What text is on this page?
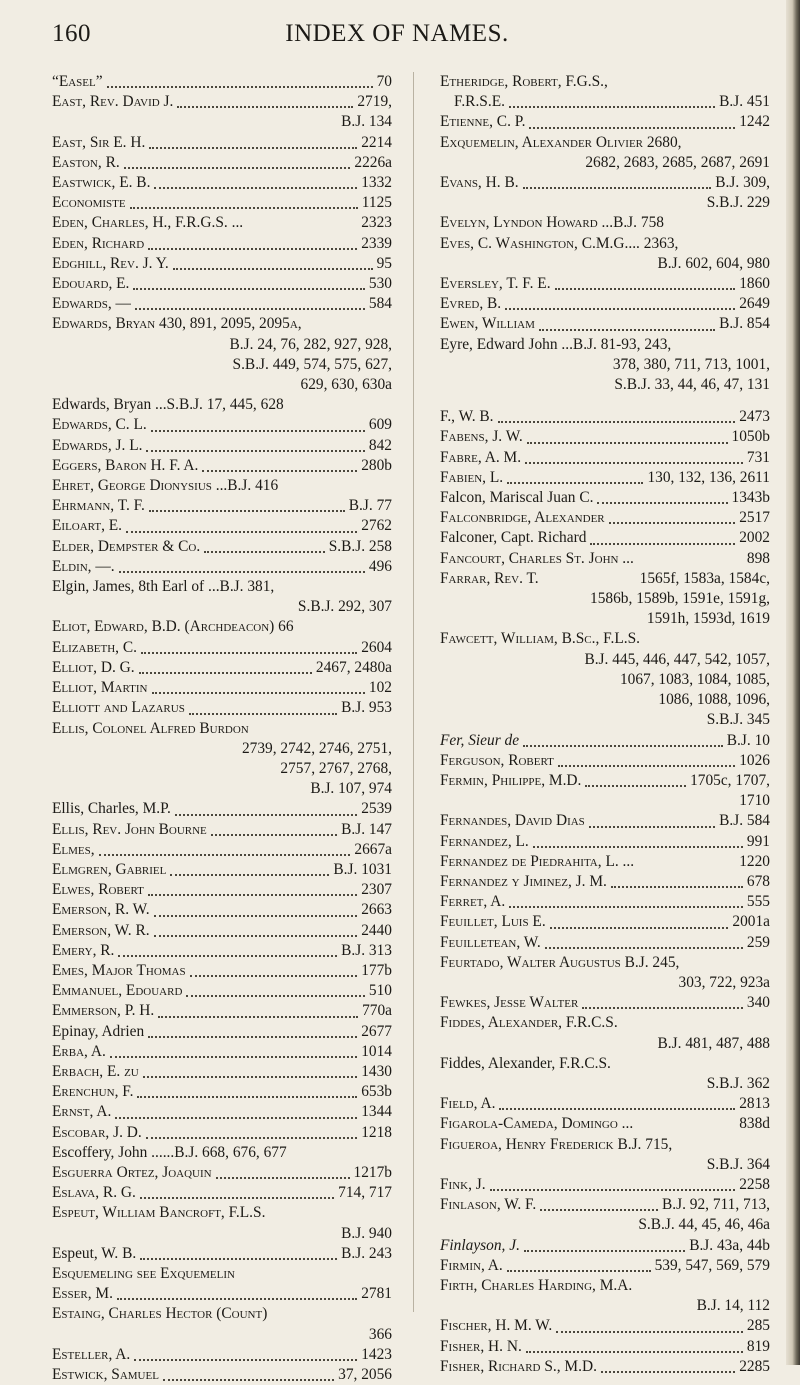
160	INDEX OF NAMES.
“Easel”	70
East, Rev. David J.	2719,
B.J. 134
East, Sir E. H.	2214
Easton, R.	2226a
Eastwick, E. B.	1332
Economiste	1125
Eden, Charles, H., F.R.G.S. ...	2323
Eden, Richard	2339
Edghill, Rev. J. Y.	95
Edouard, E.	530
Edwards, —	584
Edwards, Bryan 430, 891, 2095, 2095a,
B.J. 24, 76, 282, 927, 928,
S.B.J. 449, 574, 575, 627,
629, 630, 630a
Edwards, Bryan ...S.B.J. 17, 445, 628
Edwards, C. L.	609
Edwards, J. L.	842
Eggers, Baron H. F. A.	280b
Ehret, George Dionysius ...B.J. 416
Ehrmann, T. F.	B.J. 77
Eiloart, E.	2762
Elder, Dempster & Co.	S.B.J. 258
Eldin, —.	496
Elgin, James, 8th Earl of ...B.J. 381,
S.B.J. 292, 307
Eliot, Edward, B.D. (Archdeacon) 66
Elizabeth, C.	2604
Elliot, D. G.	2467, 2480a
Elliot, Martin	102
Elliott and Lazarus	B.J. 953
Ellis, Colonel Alfred Burdon
2739, 2742, 2746, 2751,
2757, 2767, 2768,
B.J. 107, 974
Ellis, Charles, M.P.	2539
Ellis, Rev. John Bourne	B.J. 147
Elmes,	2667a
Elmgren, Gabriel	B.J. 1031
Elwes, Robert	2307
Emerson, R. W.	2663
Emerson, W. R.	2440
Emery, R.	B.J. 313
Emes, Major Thomas	177b
Emmanuel, Edouard	510
Emmerson, P. H.	770a
Epinay, Adrien	2677
Erba, A.	1014
Erbach, E. zu	1430
Erenchun, F.	653b
Ernst, A.	1344
Escobar, J. D.	1218
Escoffery, John ......B.J. 668, 676, 677
Esguerra Ortez, Joaquin	1217b
Eslava, R. G.	714, 717
Espeut, William Bancroft, F.L.S.
B.J. 940
Espeut, W. B.	B.J. 243
Esquemeling see Exquemelin
Esser, M.	2781
Estaing, Charles Hector (Count)
366
Esteller, A.	1423
Estwick, Samuel	37, 2056
Etheridge, Robert, F.G.S.,
F.R.S.E.	B.J. 451
Etienne, C. P.	1242
Exquemelin, Alexander Olivier 2680,
2682, 2683, 2685, 2687, 2691
Evans, H. B.	B.J. 309,
S.B.J. 229
Evelyn, Lyndon Howard ...B.J. 758
Eves, C. Washington, C.M.G.... 2363,
B.J. 602, 604, 980
Eversley, T. F. E.	1860
Evred, B.	2649
Ewen, William	B.J. 854
Eyre, Edward John ...B.J. 81-93, 243,
378, 380, 711, 713, 1001,
S.B.J. 33, 44, 46, 47, 131
F., W. B.	2473
Fabens, J. W.	1050b
Fabre, A. M.	731
Fabien, L.	130, 132, 136, 2611
Falcon, Mariscal Juan C.	1343b
Falconbridge, Alexander	2517
Falconer, Capt. Richard	2002
Fancourt, Charles St. John ...	898
Farrar, Rev. T.	1565f, 1583a, 1584c,
1586b, 1589b, 1591e, 1591g,
1591h, 1593d, 1619
Fawcett, William, B.Sc., F.L.S.
B.J. 445, 446, 447, 542, 1057,
1067, 1083, 1084, 1085,
1086, 1088, 1096,
S.B.J. 345
Fer, Sieur de	B.J. 10
Ferguson, Robert	1026
Fermin, Philippe, M.D.	1705c, 1707,
1710
Fernandes, David Dias	B.J. 584
Fernandez, L.	991
Fernandez de Piedrahita, L. ...	1220
Fernandez y Jiminez, J. M.	678
Ferret, A.	555
Feuillet, Luis E.	2001a
Feuilletean, W.	259
Feurtado, Walter Augustus B.J. 245,
303, 722, 923a
Fewkes, Jesse Walter	340
Fiddes, Alexander, F.R.C.S.
B.J. 481, 487, 488
Fiddes, Alexander, F.R.C.S.
S.B.J. 362
Field, A.	2813
Figarola-Cameda, Domingo ...	838d
Figueroa, Henry Frederick B.J. 715,
S.B.J. 364
Fink, J.	2258
Finlason, W. F.	B.J. 92, 711, 713,
S.B.J. 44, 45, 46, 46a
Finlayson, J.	B.J. 43a, 44b
Firmin, A.	539, 547, 569, 579
Firth, Charles Harding, M.A.
B.J. 14, 112
Fischer, H. M. W.	285
Fisher, H. N.	819
Fisher, Richard S., M.D.	2285
